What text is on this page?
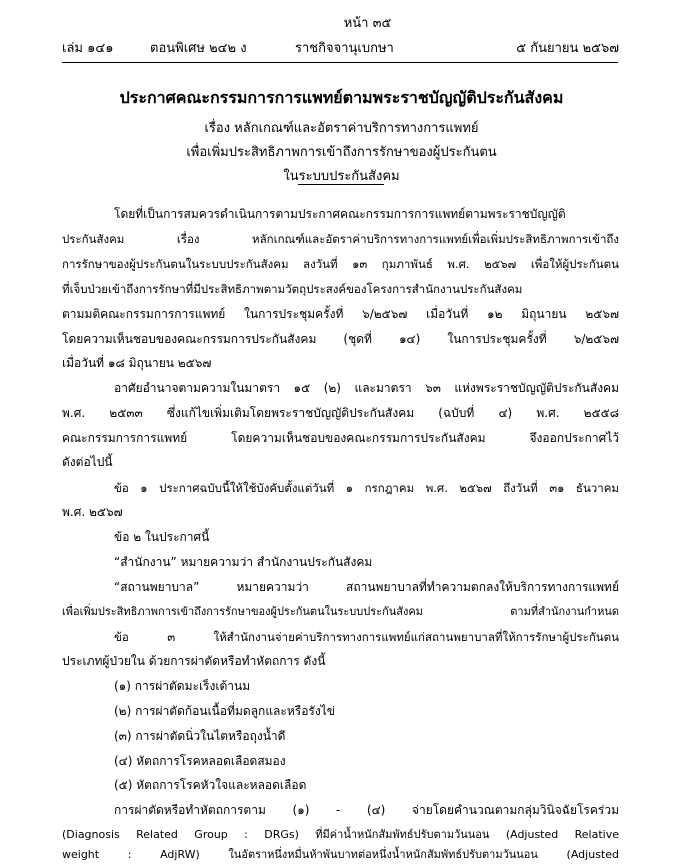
หน้า ๓๕
เล่ม ๑๔๑	ตอนพิเศษ ๒๔๒ ง	ราชกิจจานุเบกษา	๕ กันยายน ๒๕๖๗
ประกาศคณะกรรมการการแพทย์ตามพระราชบัญญัติประกันสังคม
เรื่อง หลักเกณฑ์และอัตราค่าบริการทางการแพทย์
เพื่อเพิ่มประสิทธิภาพการเข้าถึงการรักษาของผู้ประกันตน
ในระบบประกันสังคม
โดยที่เป็นการสมควรดำเนินการตามประกาศคณะกรรมการการแพทย์ตามพระราชบัญญัติ
ประกันสังคม เรื่อง หลักเกณฑ์และอัตราค่าบริการทางการแพทย์เพื่อเพิ่มประสิทธิภาพการเข้าถึง
การรักษาของผู้ประกันตนในระบบประกันสังคม ลงวันที่ ๑๓ กุมภาพันธ์ พ.ศ. ๒๕๖๗ เพื่อให้ผู้ประกันตน
ที่เจ็บป่วยเข้าถึงการรักษาที่มีประสิทธิภาพตามวัตถุประสงค์ของโครงการสำนักงานประกันสังคม
ตามมติคณะกรรมการการแพทย์ ในการประชุมครั้งที่ ๖/๒๕๖๗ เมื่อวันที่ ๑๒ มิถุนายน ๒๕๖๗
โดยความเห็นชอบของคณะกรรมการประกันสังคม (ชุดที่ ๑๔) ในการประชุมครั้งที่ ๖/๒๕๖๗
เมื่อวันที่ ๑๘ มิถุนายน ๒๕๖๗
อาศัยอำนาจตามความในมาตรา ๑๕ (๒) และมาตรา ๖๓ แห่งพระราชบัญญัติประกันสังคม
พ.ศ. ๒๕๓๓ ซึ่งแก้ไขเพิ่มเติมโดยพระราชบัญญัติประกันสังคม (ฉบับที่ ๔) พ.ศ. ๒๕๕๘
คณะกรรมการการแพทย์ โดยความเห็นชอบของคณะกรรมการประกันสังคม จึงออกประกาศไว้
ดังต่อไปนี้
ข้อ ๑ ประกาศฉบับนี้ให้ใช้บังคับตั้งแต่วันที่ ๑ กรกฎาคม พ.ศ. ๒๕๖๗ ถึงวันที่ ๓๑ ธันวาคม
พ.ศ. ๒๕๖๗
ข้อ ๒ ในประกาศนี้
“สำนักงาน” หมายความว่า สำนักงานประกันสังคม
“สถานพยาบาล” หมายความว่า สถานพยาบาลที่ทำความตกลงให้บริการทางการแพทย์
เพื่อเพิ่มประสิทธิภาพการเข้าถึงการรักษาของผู้ประกันตนในระบบประกันสังคม ตามที่สำนักงานกำหนด
ข้อ ๓ ให้สำนักงานจ่ายค่าบริการทางการแพทย์แก่สถานพยาบาลที่ให้การรักษาผู้ประกันตน
ประเภทผู้ป่วยใน ด้วยการผ่าตัดหรือทำหัตถการ ดังนี้
(๑) การผ่าตัดมะเร็งเต้านม
(๒) การผ่าตัดก้อนเนื้อที่มดลูกและหรือรังไข่
(๓) การผ่าตัดนิ่วในไตหรือถุงน้ำดี
(๔) หัตถการโรคหลอดเลือดสมอง
(๕) หัตถการโรคหัวใจและหลอดเลือด
การผ่าตัดหรือทำหัตถการตาม (๑) - (๔) จ่ายโดยคำนวณตามกลุ่มวินิจฉัยโรคร่วม
(Diagnosis Related Group : DRGs) ที่มีค่าน้ำหนักสัมพัทธ์ปรับตามวันนอน (Adjusted Relative
weight : AdjRW) ในอัตราหนึ่งหมื่นห้าพันบาทต่อหนึ่งน้ำหนักสัมพัทธ์ปรับตามวันนอน (Adjusted
